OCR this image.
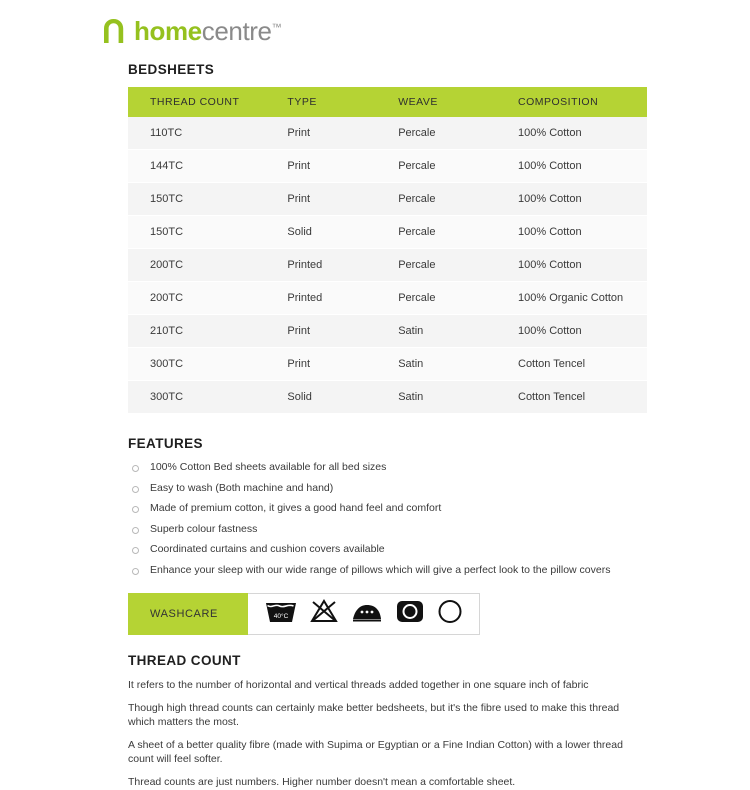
homecentre™
BEDSHEETS
THREAD COUNT	TYPE	WEAVE	COMPOSITION
110TC	Print	Percale	100% Cotton
144TC	Print	Percale	100% Cotton
150TC	Print	Percale	100% Cotton
150TC	Solid	Percale	100% Cotton
200TC	Printed	Percale	100% Cotton
200TC	Printed	Percale	100% Organic Cotton
210TC	Print	Satin	100% Cotton
300TC	Print	Satin	Cotton Tencel
300TC	Solid	Satin	Cotton Tencel
FEATURES
100% Cotton Bed sheets available for all bed sizes
Easy to wash (Both machine and hand)
Made of premium cotton, it gives a good hand feel and comfort
Superb colour fastness
Coordinated curtains and cushion covers available
Enhance your sleep with our wide range of pillows which will give a perfect look to the pillow covers
WASHCARE	40°C
THREAD COUNT

It refers to the number of horizontal and vertical threads added together in one square inch of fabric

Though high thread counts can certainly make better bedsheets, but it's the fibre used to make this thread which matters the most.

A sheet of a better quality fibre (made with Supima or Egyptian or a Fine Indian Cotton) with a lower thread count will feel softer.

Thread counts are just numbers. Higher number doesn't mean a comfortable sheet.
